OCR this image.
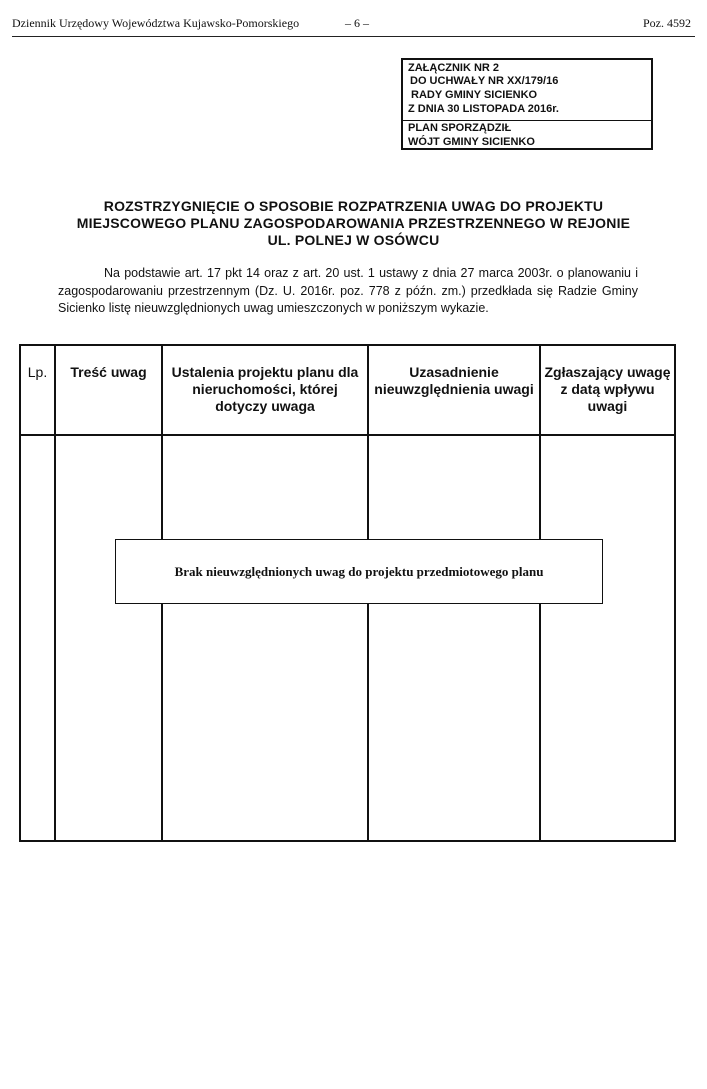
Dziennik Urzędowy Województwa Kujawsko-Pomorskiego	– 6 –	Poz. 4592
ZAŁĄCZNIK NR 2
DO UCHWAŁY NR XX/179/16
RADY GMINY SICIENKO
Z DNIA 30 LISTOPADA 2016r.
PLAN SPORZĄDZIŁ
WÓJT GMINY SICIENKO
ROZSTRZYGNIĘCIE O SPOSOBIE ROZPATRZENIA UWAG DO PROJEKTU
MIEJSCOWEGO PLANU ZAGOSPODAROWANIA PRZESTRZENNEGO W REJONIE
UL. POLNEJ W OSÓWCU
Na podstawie art. 17 pkt 14 oraz z art. 20 ust. 1 ustawy z dnia 27 marca 2003r. o planowaniu i zagospodarowaniu przestrzennym (Dz. U. 2016r. poz. 778 z późn. zm.) przedkłada się Radzie Gminy Sicienko listę nieuwzględnionych uwag umieszczonych w poniższym wykazie.
Lp.	Treść uwag	Ustalenia projektu planu dla nieruchomości, której dotyczy uwaga	Uzasadnienie nieuwzględnienia uwagi	Zgłaszający uwagę z datą wpływu uwagi

Brak nieuwzględnionych uwag do projektu przedmiotowego planu
